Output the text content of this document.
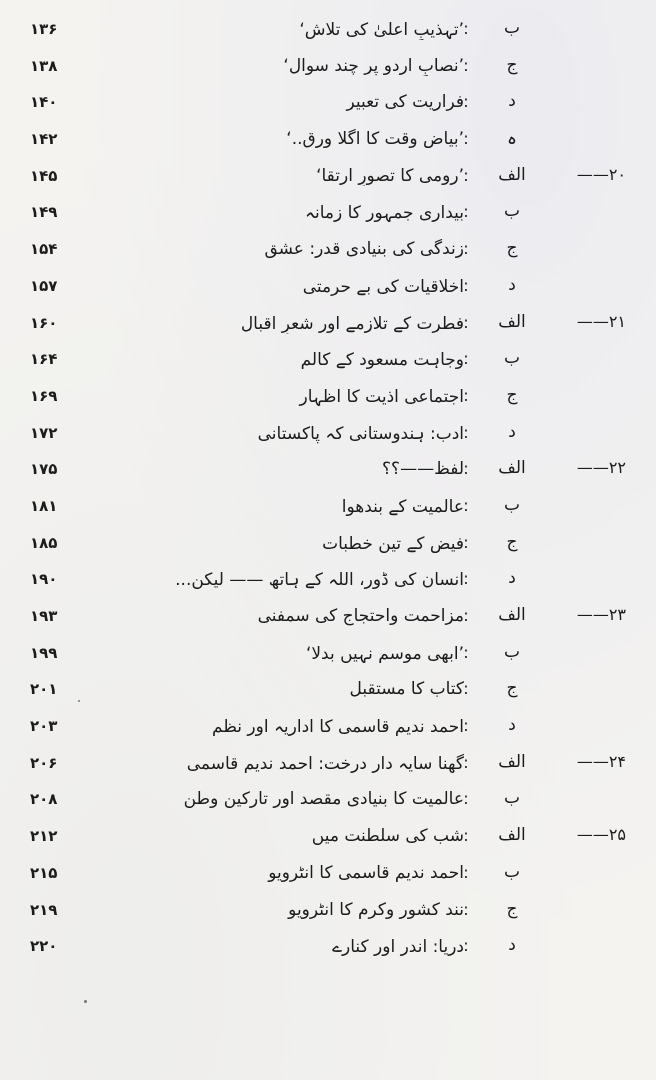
۱۳۶	’تہذیبِ اعلیٰ کی تلاش‘ :	ب
۱۳۸	’نصابِ اردو پر چند سوال‘ :	ج
۱۴۰	فراریت کی تعبیر :	د
۱۴۲	’بیاضِ وقت کا اگلا ورق..‘ :	ہ
۱۴۵	’رومی کا تصورِ ارتقا‘ :	الف	۲۰——
۱۴۹	بیداری جمہور کا زمانہ :	ب
۱۵۴	زندگی کی بنیادی قدر: عشق :	ج
۱۵۷	اخلاقیات کی بے حرمتی :	د
۱۶۰	فطرت کے تلازمے اور شعرِ اقبال :	الف	۲۱——
۱۶۴	وجاہت مسعود کے کالم :	ب
۱۶۹	اجتماعی اذیت کا اظہار :	ج
۱۷۲	ادب: ہندوستانی کہ پاکستانی :	د
۱۷۵	لفظ——؟؟ :	الف	۲۲——
۱۸۱	عالمیت کے بندھوا :	ب
۱۸۵	فیض کے تین خطبات :	ج
۱۹۰	انسان کی ڈور، اللہ کے ہاتھ —— لیکن... :	د
۱۹۳	مزاحمت واحتجاج کی سمفنی :	الف	۲۳——
۱۹۹	’ابھی موسم نہیں بدلا‘ :	ب
۲۰۱	کتاب کا مستقبل :	ج
۲۰۳	احمد ندیم قاسمی کا اداریہ اور نظم :	د
۲۰۶	گھنا سایہ دار درخت: احمد ندیم قاسمی :	الف	۲۴——
۲۰۸	عالمیت کا بنیادی مقصد اور تارکینِ وطن :	ب
۲۱۲	شب کی سلطنت میں :	الف	۲۵——
۲۱۵	احمد ندیم قاسمی کا انٹرویو :	ب
۲۱۹	نند کشور وکرم کا انٹرویو :	ج
۲۲۰	دریا: اندر اور کنارے :	د
